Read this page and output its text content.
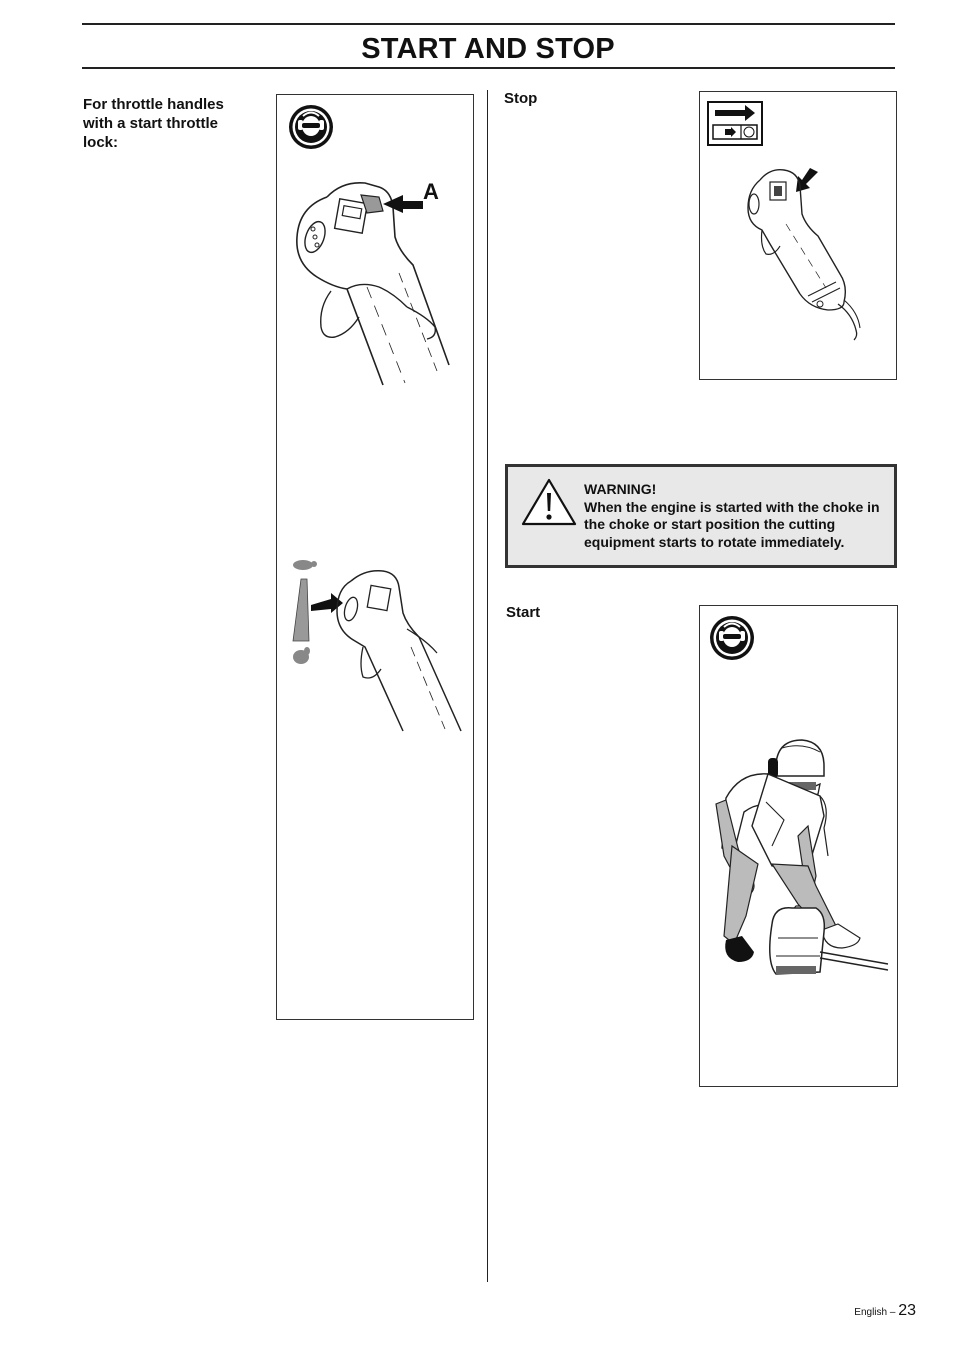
START AND STOP
For throttle handles with a start throttle lock:
A
Stop
WARNING!
When the engine is started with the choke in the choke or start position the cutting equipment starts to rotate immediately.
Start
English – 23
